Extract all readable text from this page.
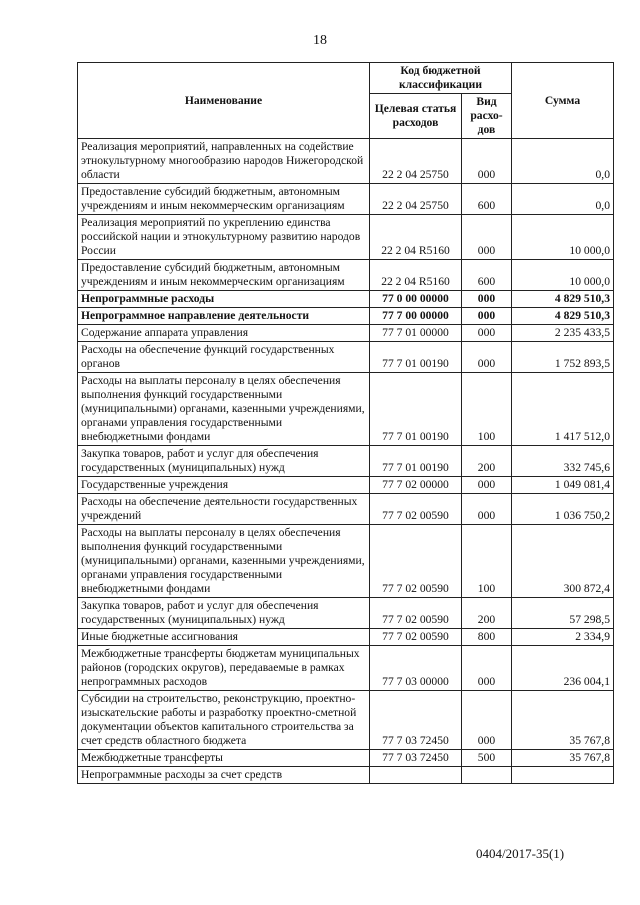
18
Наименование	Код бюджетной классификации		Сумма
	Целевая статья расходов	Вид расхо-дов	
Реализация мероприятий, направленных на содействие этнокультурному многообразию народов Нижегородской области	22 2 04 25750	000	0,0
Предоставление субсидий бюджетным, автономным учреждениям и иным некоммерческим организациям	22 2 04 25750	600	0,0
Реализация мероприятий по укреплению единства российской нации и этнокультурному развитию народов России	22 2 04 R5160	000	10 000,0
Предоставление субсидий бюджетным, автономным учреждениям и иным некоммерческим организациям	22 2 04 R5160	600	10 000,0
Непрограммные расходы	77 0 00 00000	000	4 829 510,3
Непрограммное направление деятельности	77 7 00 00000	000	4 829 510,3
Содержание аппарата управления	77 7 01 00000	000	2 235 433,5
Расходы на обеспечение функций государственных органов	77 7 01 00190	000	1 752 893,5
Расходы на выплаты персоналу в целях обеспечения выполнения функций государственными (муниципальными) органами, казенными учреждениями, органами управления государственными внебюджетными фондами	77 7 01 00190	100	1 417 512,0
Закупка товаров, работ и услуг для обеспечения государственных (муниципальных) нужд	77 7 01 00190	200	332 745,6
Государственные учреждения	77 7 02 00000	000	1 049 081,4
Расходы на обеспечение деятельности государственных учреждений	77 7 02 00590	000	1 036 750,2
Расходы на выплаты персоналу в целях обеспечения выполнения функций государственными (муниципальными) органами, казенными учреждениями, органами управления государственными внебюджетными фондами	77 7 02 00590	100	300 872,4
Закупка товаров, работ и услуг для обеспечения государственных (муниципальных) нужд	77 7 02 00590	200	57 298,5
Иные бюджетные ассигнования	77 7 02 00590	800	2 334,9
Межбюджетные трансферты бюджетам муниципальных районов (городских округов), передаваемые в рамках непрограммных расходов	77 7 03 00000	000	236 004,1
Субсидии на строительство, реконструкцию, проектно-изыскательские работы и разработку проектно-сметной документации объектов капитального строительства за счет средств областного бюджета	77 7 03 72450	000	35 767,8
Межбюджетные трансферты	77 7 03 72450	500	35 767,8
Непрограммные расходы за счет средств			
0404/2017-35(1)
